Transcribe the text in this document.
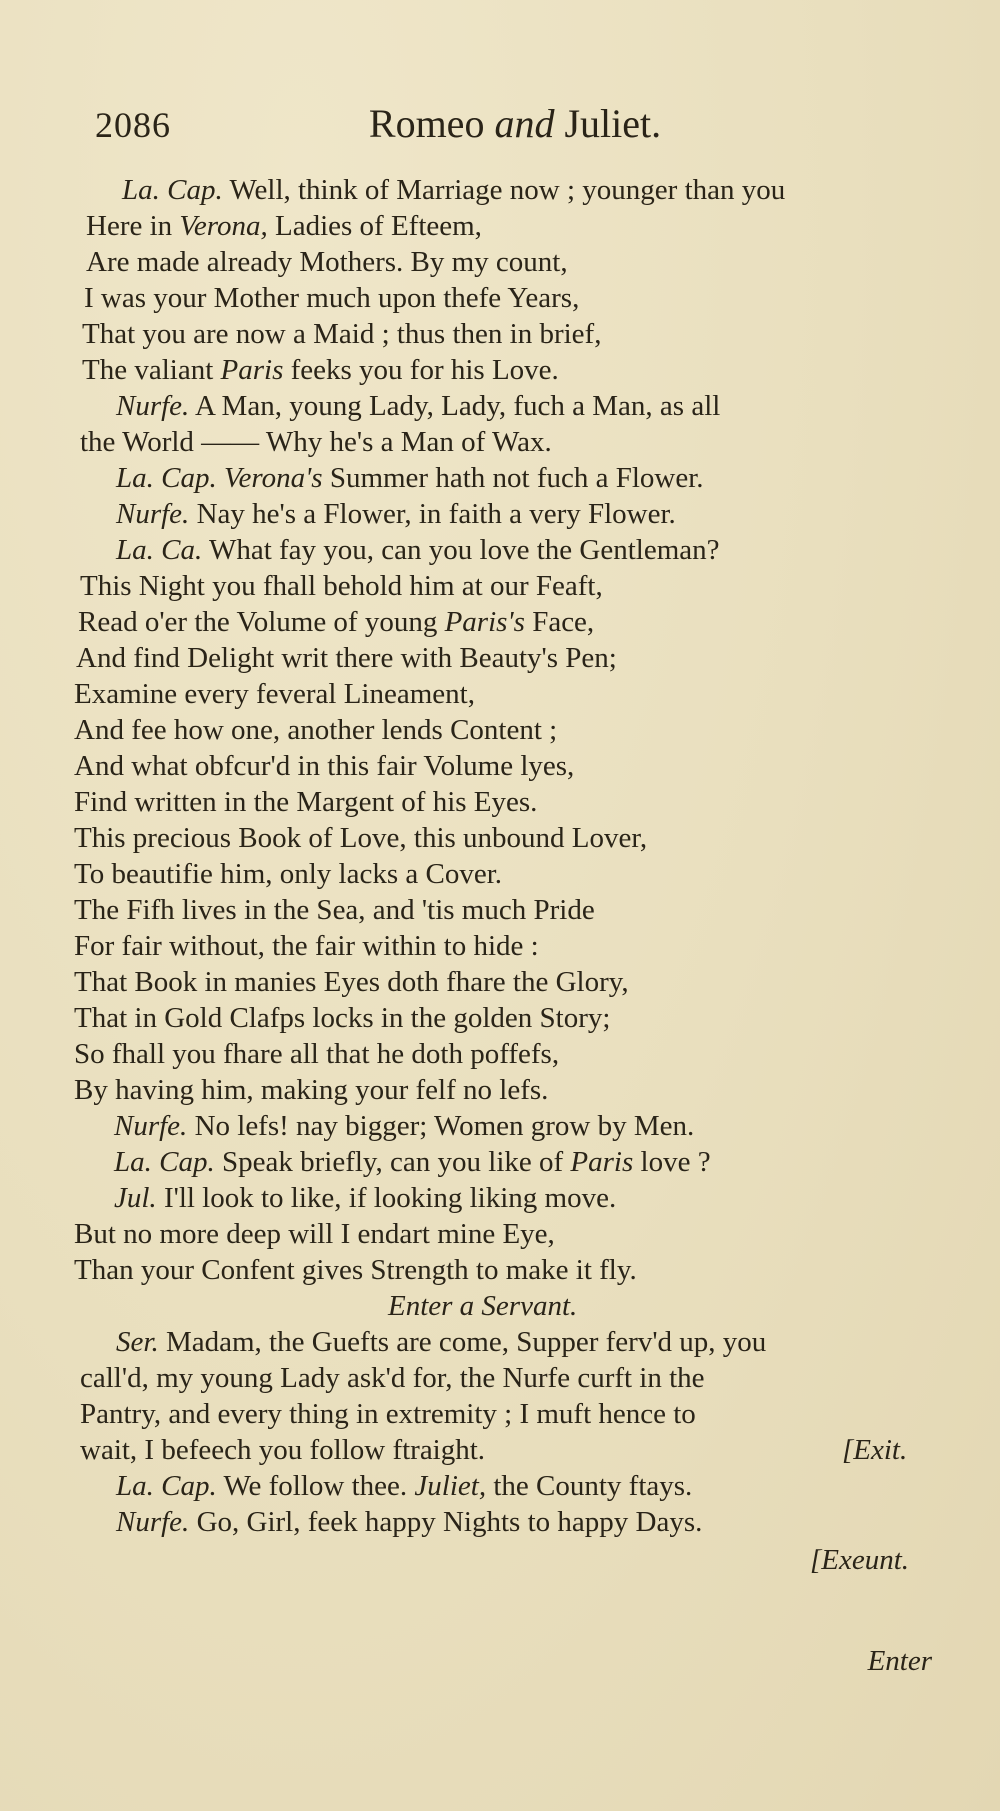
2086	Romeo and Juliet.
La. Cap. Well, think of Marriage now ; younger than you
Here in Verona, Ladies of Efteem,
Are made already Mothers. By my count,
I was your Mother much upon thefe Years,
That you are now a Maid ; thus then in brief,
The valiant Paris feeks you for his Love.
Nurfe. A Man, young Lady, Lady, fuch a Man, as all
the World —— Why he's a Man of Wax.
La. Cap. Verona's Summer hath not fuch a Flower.
Nurfe. Nay he's a Flower, in faith a very Flower.
La. Ca. What fay you, can you love the Gentleman?
This Night you fhall behold him at our Feaft,
Read o'er the Volume of young Paris's Face,
And find Delight writ there with Beauty's Pen;
Examine every feveral Lineament,
And fee how one, another lends Content ;
And what obfcur'd in this fair Volume lyes,
Find written in the Margent of his Eyes.
This precious Book of Love, this unbound Lover,
To beautifie him, only lacks a Cover.
The Fifh lives in the Sea, and 'tis much Pride
For fair without, the fair within to hide :
That Book in manies Eyes doth fhare the Glory,
That in Gold Clafps locks in the golden Story;
So fhall you fhare all that he doth poffefs,
By having him, making your felf no lefs.
Nurfe. No lefs! nay bigger; Women grow by Men.
La. Cap. Speak briefly, can you like of Paris love ?
Jul. I'll look to like, if looking liking move.
But no more deep will I endart mine Eye,
Than your Confent gives Strength to make it fly.
Enter a Servant.
Ser. Madam, the Guefts are come, Supper ferv'd up, you
call'd, my young Lady ask'd for, the Nurfe curft in the
Pantry, and every thing in extremity ; I muft hence to
wait, I befeech you follow ftraight.	[Exit.
La. Cap. We follow thee. Juliet, the County ftays.
Nurfe. Go, Girl, feek happy Nights to happy Days.
[Exeunt.
Enter
